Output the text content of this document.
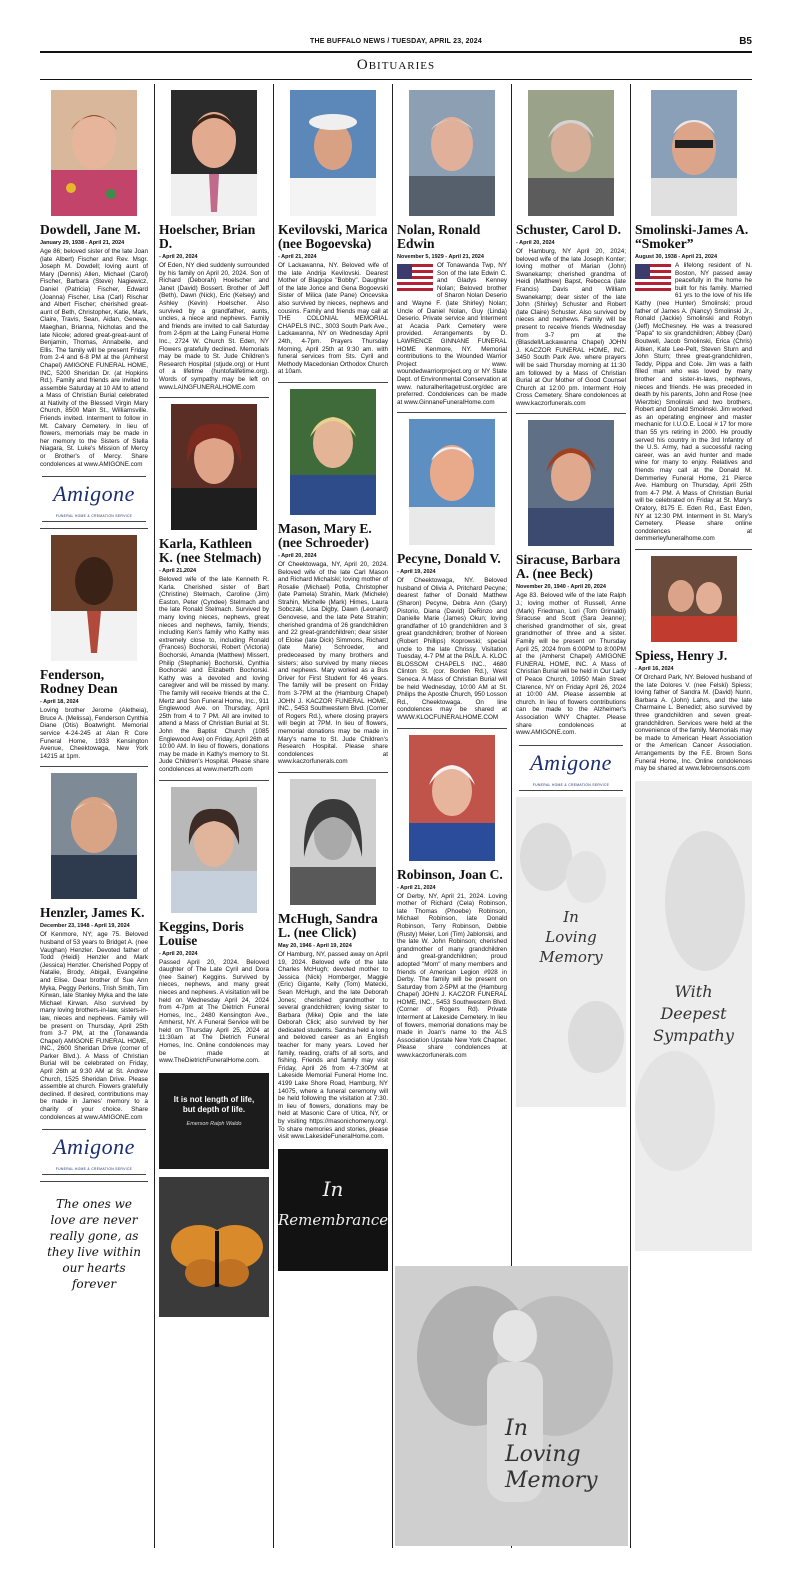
THE BUFFALO NEWS / TUESDAY, APRIL 23, 2024	B5
Obituaries
Dowdell, Jane M.
January 29, 1938 - April 21, 2024

Age 86; beloved sister of the late Joan (late Albert) Fischer and Rev. Msgr. Joseph M. Dowdell; loving aunt of Mary (Dennis) Allen, Michael (Carol) Fischer, Barbara (Steve) Nagiewicz, Daniel (Patricia) Fischer, Edward (Joanna) Fischer, Lisa (Carl) Rischar and Albert Fischer; cherished great-aunt of Beth, Christopher, Katie, Mark, Claire, Travis, Sean, Aidan, Geneva, Maeghan, Brianna, Nicholas and the late Nicole; adored great-great-aunt of Benjamin, Thomas, Annabelle, and Ellis. The family will be present Friday from 2-4 and 6-8 PM at the (Amherst Chapel) AMIGONE FUNERAL HOME, INC, 5200 Sheridan Dr. (at Hopkins Rd.). Family and friends are invited to assemble Saturday at 10 AM to attend a Mass of Christian Burial celebrated at Nativity of the Blessed Virgin Mary Church, 8500 Main St., Williamsville. Friends invited. Interment to follow in Mt. Calvary Cemetery. In lieu of flowers, memorials may be made in her memory to the Sisters of Stella Niagara, St. Luke's Mission of Mercy or Brother's of Mercy. Share condolences at www.AMIGONE.com

Amigone
FUNERAL HOME & CREMATION SERVICE
Fenderson, Rodney Dean
- April 18, 2024

Loving brother Jerome (Aletheia), Bruce A. (Melissa), Fenderson Cynthia Diane (Otis) Boatwright. Memorial service 4-24-245 at Alan R Core Funeral Home, 1933 Kensington Avenue, Cheektowaga, New York 14215 at 1pm.

Henzler, James K.
December 23, 1948 - April 19, 2024

Of Kenmore, NY; age 75. Beloved husband of 53 years to Bridget A. (nee Vaughan) Henzler. Devoted father of Todd (Heidi) Henzler and Mark (Jessica) Henzler. Cherished Poppy of Natalie, Brody, Abigail, Evangeline and Elise. Dear brother of Sue Ann Myka, Peggy Perkins, Trish Smith, Tim Kirwan, late Stanley Myka and the late Michael Kirwan. Also survived by many loving brothers-in-law, sisters-in-law, nieces and nephews. Family will be present on Thursday, April 25th from 3-7 PM, at the (Tonawanda Chapel) AMIGONE FUNERAL HOME, INC., 2600 Sheridan Drive (corner of Parker Blvd.). A Mass of Christian Burial will be celebrated on Friday, April 26th at 9:30 AM at St. Andrew Church, 1525 Sheridan Drive. Please assemble at church. Flowers gratefully declined. If desired, contributions may be made in James' memory to a charity of your choice. Share condolences at www.AMIGONE.com

Amigone
FUNERAL HOME & CREMATION SERVICE
The ones we love are never really gone, as they live within our hearts forever
Hoelscher, Brian D.
- April 20, 2024

Of Eden, NY died suddenly surrounded by his family on April 20, 2024. Son of Richard (Deborah) Hoelscher and Janet (David) Bossert. Brother of Jeff (Beth), Dawn (Nick), Eric (Kelsey) and Ashley (Kevin) Hoelscher. Also survived by a grandfather, aunts, uncles, a niece and nephews. Family and friends are invited to call Saturday from 2-6pm at the Laing Funeral Home Inc., 2724 W. Church St. Eden, NY Flowers gratefully declined. Memorials may be made to St. Jude Children's Research Hospital (stjude.org) or Hunt of a lifetime (huntofalifetime.org). Words of sympathy may be left on www.LAINGFUNERALHOME.com

Karla, Kathleen K. (nee Stelmach)
- April 21,2024

Beloved wife of the late Kenneth R. Karla. Cherished sister of Bart (Christine) Stelmach, Caroline (Jim) Easton, Peter (Cyndee) Stelmach and the late Ronald Stelmach. Survived by many loving nieces, nephews, great nieces and nephews, family, friends; including Ken's family who Kathy was extremely close to, including Ronald (Frances) Bochorski, Robert (Victoria) Bochorski, Amanda (Matthew) Missert, Philip (Stephanie) Bochorski, Cynthia Bochorski and Elizabeth Bochorski. Kathy was a devoted and loving caregiver and will be missed by many. The family will receive friends at the C. Mertz and Son Funeral Home, Inc., 911 Englewood Ave. on Thursday, April 25th from 4 to 7 PM. All are invited to attend a Mass of Christian Burial at St. John the Baptist Church (1085 Englewood Ave) on Friday, April 26th at 10:00 AM. In lieu of flowers, donations may be made in Kathy's memory to St. Jude Children's Hospital. Please share condolences at www.mertzfh.com

Keggins, Doris Louise
- April 20, 2024

Passed April 20, 2024. Beloved daughter of The Late Cyril and Dora (nee Sainer) Keggins. Survived by nieces, nephews, and many great nieces and nephews. A visitation will be held on Wednesday April 24, 2024 from 4-7pm at The Dietrich Funeral Homes, Inc., 2480 Kensington Ave., Amherst, NY. A Funeral Service will be held on Thursday April 25, 2024 at 11:30am at The Dietrich Funeral Homes, Inc. Online condolences may be made at www.TheDietrichFuneralHome.com.

It is not length of life, but depth of life.
Emerson Ralph Waldo
Kevilovski, Marica (nee Bogoevska)
- April 21, 2024

Of Lackawanna, NY. Beloved wife of the late Andrija Kevilovski. Dearest Mother of Blagojce "Bobby". Daughter of the late Jonce and Gena Bogoevski Sister of Milica (late Pane) Oncevska also survived by nieces, nephews and cousins. Family and friends may call at THE COLONIAL MEMORIAL CHAPELS INC., 3003 South Park Ave., Lackawanna, NY on Wednesday April 24th, 4-7pm. Prayers Thursday Morning, April 25th at 9:30 am. with funeral services from Sts. Cyril and Methody Macedonian Orthodox Church at 10am.

Mason, Mary E. (nee Schroeder)
- April 20, 2024

Of Cheektowaga, NY, April 20, 2024. Beloved wife of the late Carl Mason and Richard Michalski; loving mother of Rosalie (Michael) Potla, Christopher (late Pamela) Strahin, Mark (Michele) Strahin, Michelle (Mark) Himes, Laura Sobczak, Lisa Digby, Dawn (Leonard) Genovese, and the late Pete Strahin; cherished grandma of 26 grandchildren and 22 great-grandchildren; dear sister of Eloise (late Dick) Simmons, Richard (late Marie) Schroeder, and predeceased by many brothers and sisters; also survived by many nieces and nephews. Mary worked as a Bus Driver for First Student for 46 years. The family will be present on Friday from 3-7PM at the (Hamburg Chapel) JOHN J. KACZOR FUNERAL HOME, INC., 5453 Southwestern Blvd. (Corner of Rogers Rd.), where closing prayers will begin at 7PM. In lieu of flowers, memorial donations may be made in Mary's name to St. Jude Children's Research Hospital. Please share condolences at www.kaczorfunerals.com

McHugh, Sandra L. (nee Click)
May 20, 1946 - April 19, 2024

Of Hamburg, NY, passed away on April 19, 2024. Beloved wife of the late Charles McHugh; devoted mother to Jessica (Nick) Homberger, Maggie (Eric) Gigante, Kelly (Tom) Matecki, Sean McHugh, and the late Deborah Jones; cherished grandmother to several grandchildren; loving sister to Barbara (Mike) Opie and the late Deborah Click; also survived by her dedicated students. Sandra held a long and beloved career as an English teacher for many years. Loved her family, reading, crafts of all sorts, and fishing. Friends and family may visit Friday, April 26 from 4-7:30PM at Lakeside Memorial Funeral Home Inc. 4199 Lake Shore Road, Hamburg, NY 14075, where a funeral ceremony will be held following the visitation at 7:30. In lieu of flowers, donations may be held at Masonic Care of Utica, NY, or by visiting https://masonichomeny.org/. To share memories and stories, please visit www.LakesideFuneralHome.com.

In
Remembrance
Nolan, Ronald Edwin
November 5, 1929 - April 21, 2024

Of Tonawanda Twp, NY Son of the late Edwin C. and Gladys Kenney Nolan; Beloved brother of Sharon Nolan Deserio and Wayne F. (late Shirley) Nolan; Uncle of Daniel Nolan, Guy (Linda) Deserio. Private service and Interment at Acacia Park Cemetery were provided. Arrangements by D. LAWRENCE GINNANE FUNERAL HOME Kenmore, NY. Memorial contributions to the Wounded Warrior Project www. woundedwarriorproject.org or NY State Dept. of Environmental Conservation at www. naturalheritagetrust.org/dec are preferred. Condolences can be made at www.GinnaneFuneralHome.com

Pecyne, Donald V.
- April 19, 2024

Of Cheektowaga, NY. Beloved husband of Olivia A. Pritchard Pecyne; dearest father of Donald Matthew (Sharon) Pecyne, Debra Ann (Gary) Pistorio, Diana (David) DeRinzo and Danielle Marie (James) Okun; loving grandfather of 10 grandchildren and 3 great grandchildren; brother of Noreen (Robert Phillips) Koprowski; special uncle to the late Chrissy. Visitation Tuesday, 4-7 PM at the PAUL A. KLOC BLOSSOM CHAPELS INC., 4680 Clinton St. (cor. Borden Rd.), West Seneca. A Mass of Christian Burial will be held Wednesday, 10:00 AM at St. Philips the Apostle Church, 950 Losson Rd., Cheektowaga. On line condolences may be shared at WWW.KLOCFUNERALHOME.COM

Robinson, Joan C.
- April 21, 2024

Of Derby, NY, April 21, 2024. Loving mother of Richard (Cela) Robinson, late Thomas (Phoebe) Robinson, Michael Robinson, late Donald Robinson, Terry Robinson, Debbie (Rusty) Meier, Lori (Tim) Jablonski, and the late W. John Robinson; cherished grandmother of many grandchildren and great-grandchildren; proud adopted "Mom" of many members and friends of American Legion #928 in Derby. The family will be present on Saturday from 2-5PM at the (Hamburg Chapel) JOHN J. KACZOR FUNERAL HOME, INC., 5453 Southwestern Blvd. (Corner of Rogers Rd). Private Interment at Lakeside Cemetery. In lieu of flowers, memorial donations may be made in Joan's name to the ALS Association Upstate New York Chapter. Please share condolences at www.kaczorfunerals.com

In
Loving
Memory
Schuster, Carol D.
- April 20, 2024

Of Hamburg, NY April 20, 2024; beloved wife of the late Joseph Konter; loving mother of Marian (John) Swanekamp; cherished grandma of Heidi (Matthew) Bapst, Rebecca (late Francis) Davis and William Swanekamp; dear sister of the late John (Shirley) Schuster and Robert (late Claire) Schuster. Also survived by nieces and nephews. Family will be present to receive friends Wednesday from 3-7 pm at the (Blasdell/Lackawanna Chapel) JOHN J. KACZOR FUNERAL HOME, INC. 3450 South Park Ave. where prayers will be said Thursday morning at 11:30 am followed by a Mass of Christian Burial at Our Mother of Good Counsel Church at 12:00 pm. Interment Holy Cross Cemetery. Share condolences at www.kaczorfunerals.com

Siracuse, Barbara A. (nee Beck)
November 20, 1940 - April 20, 2024

Age 83. Beloved wife of the late Ralph J.; loving mother of Russell, Anne (Mark) Friedman, Lori (Tom Grimaldi) Siracuse and Scott (Sara Jeanne); cherished grandmother of six, great grandmother of three and a sister. Family will be present on Thursday April 25, 2024 from 6:00PM to 8:00PM at the (Amherst Chapel) AMIGONE FUNERAL HOME, INC. A Mass of Christian Burial will be held in Our Lady of Peace Church, 10950 Main Street Clarence, NY on Friday April 26, 2024 at 10:00 AM. Please assemble at church. In lieu of flowers contributions can be made to the Alzheimer's Association WNY Chapter. Please share condolences at www.AMIGONE.com.

Amigone
FUNERAL HOME & CREMATION SERVICE
In
Loving
Memory
Smolinski-James A. “Smoker”
August 30, 1938 - April 21, 2024

A lifelong resident of N. Boston, NY passed away peacefully in the home he built for his family. Married 61 yrs to the love of his life Kathy (nee Hunter) Smolinski; proud father of James A. (Nancy) Smolinski Jr., Ronald (Jackie) Smolinski and Robyn (Jeff) McChesney. He was a treasured "Papa" to six grandchildren; Abbey (Dan) Boutwell, Jacob Smolinski, Erica (Chris) Aitken, Kate Lee-Pelt, Steven Sturn and John Sturn; three great-grandchildren, Teddy, Pippa and Cole. Jim was a faith filled man who was loved by many brother and sister-in-laws, nephews, nieces and friends. He was preceded in death by his parents, John and Rose (nee Wierzbic) Smolinski and two brothers, Robert and Donald Smolinski. Jim worked as an operating engineer and master mechanic for I.U.O.E. Local # 17 for more than 55 yrs retiring in 2000. He proudly served his country in the 3rd Infantry of the U.S. Army, had a successful racing career, was an avid hunter and made wine for many to enjoy. Relatives and friends may call at the Donald M. Demmerley Funeral Home, 21 Pierce Ave. Hamburg on Thursday, April 25th from 4-7 PM. A Mass of Christian Burial will be celebrated on Friday at St. Mary's Oratory, 8175 E. Eden Rd., East Eden, NY at 12:30 PM. Interment in St. Mary's Cemetery. Please share online condolences at demmerleyfuneralhome.com

Spiess, Henry J.
- April 16, 2024

Of Orchard Park, NY. Beloved husband of the late Dolores V. (nee Felski) Spiess; loving father of Sandra M. (David) Nunn, Barbara A. (John) Lahrs, and the late Charmaine L. Benedict; also survived by three grandchildren and seven great-grandchildren. Services were held at the convenience of the family. Memorials may be made to American Heart Association or the American Cancer Association. Arrangements by the F.E. Brown Sons Funeral Home, Inc. Online condolences may be shared at www.febrownsons.com

With
Deepest
Sympathy
